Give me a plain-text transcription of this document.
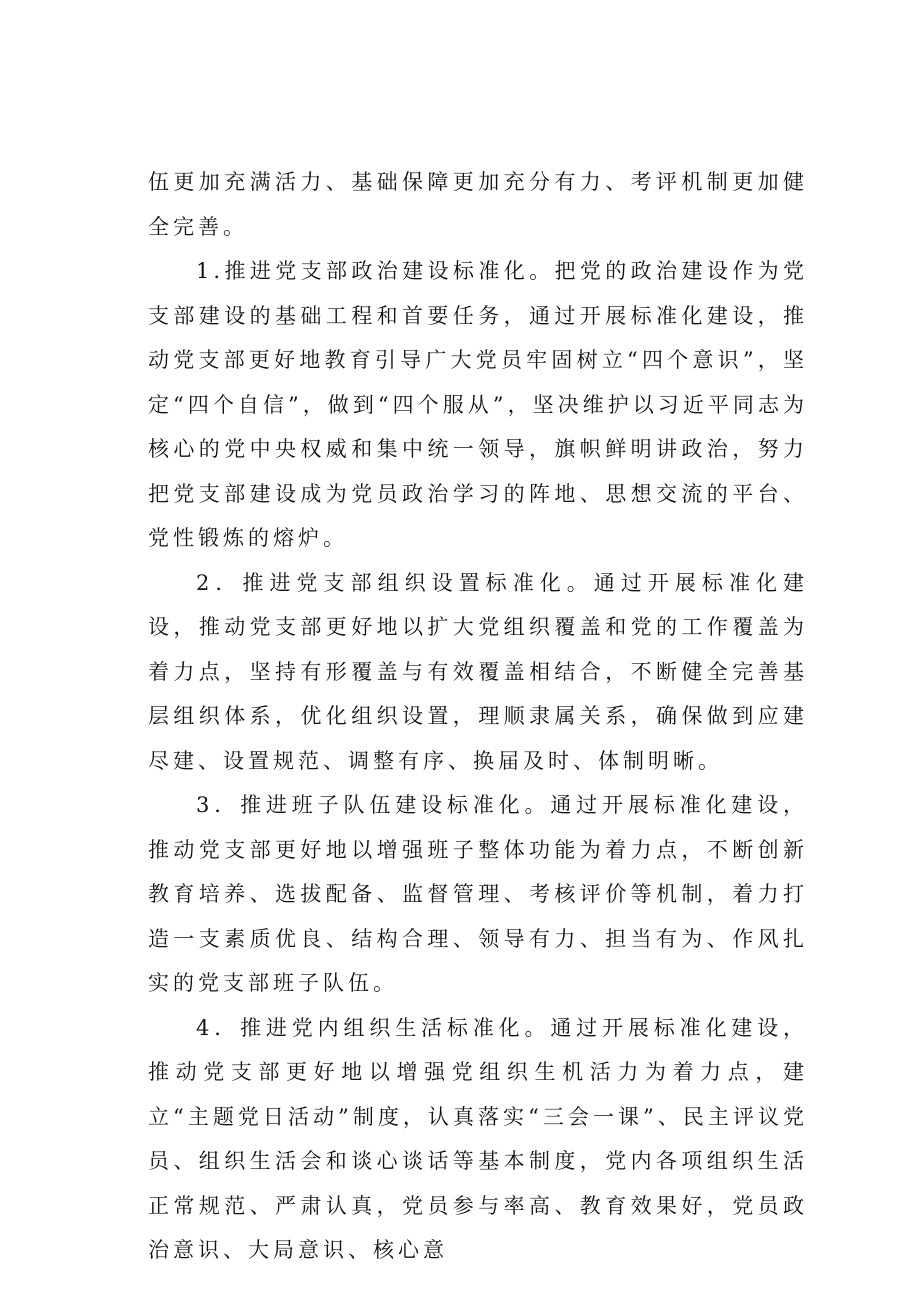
伍更加充满活力、基础保障更加充分有力、考评机制更加健全完善。

1.推进党支部政治建设标准化。把党的政治建设作为党支部建设的基础工程和首要任务，通过开展标准化建设，推动党支部更好地教育引导广大党员牢固树立“四个意识”，坚定“四个自信”，做到“四个服从”，坚决维护以习近平同志为核心的党中央权威和集中统一领导，旗帜鲜明讲政治，努力把党支部建设成为党员政治学习的阵地、思想交流的平台、党性锻炼的熔炉。

2．推进党支部组织设置标准化。通过开展标准化建设，推动党支部更好地以扩大党组织覆盖和党的工作覆盖为着力点，坚持有形覆盖与有效覆盖相结合，不断健全完善基层组织体系，优化组织设置，理顺隶属关系，确保做到应建尽建、设置规范、调整有序、换届及时、体制明晰。

3．推进班子队伍建设标准化。通过开展标准化建设，推动党支部更好地以增强班子整体功能为着力点，不断创新教育培养、选拔配备、监督管理、考核评价等机制，着力打造一支素质优良、结构合理、领导有力、担当有为、作风扎实的党支部班子队伍。

4．推进党内组织生活标准化。通过开展标准化建设，推动党支部更好地以增强党组织生机活力为着力点，建立“主题党日活动”制度，认真落实“三会一课”、民主评议党员、组织生活会和谈心谈话等基本制度，党内各项组织生活正常规范、严肃认真，党员参与率高、教育效果好，党员政治意识、大局意识、核心意
